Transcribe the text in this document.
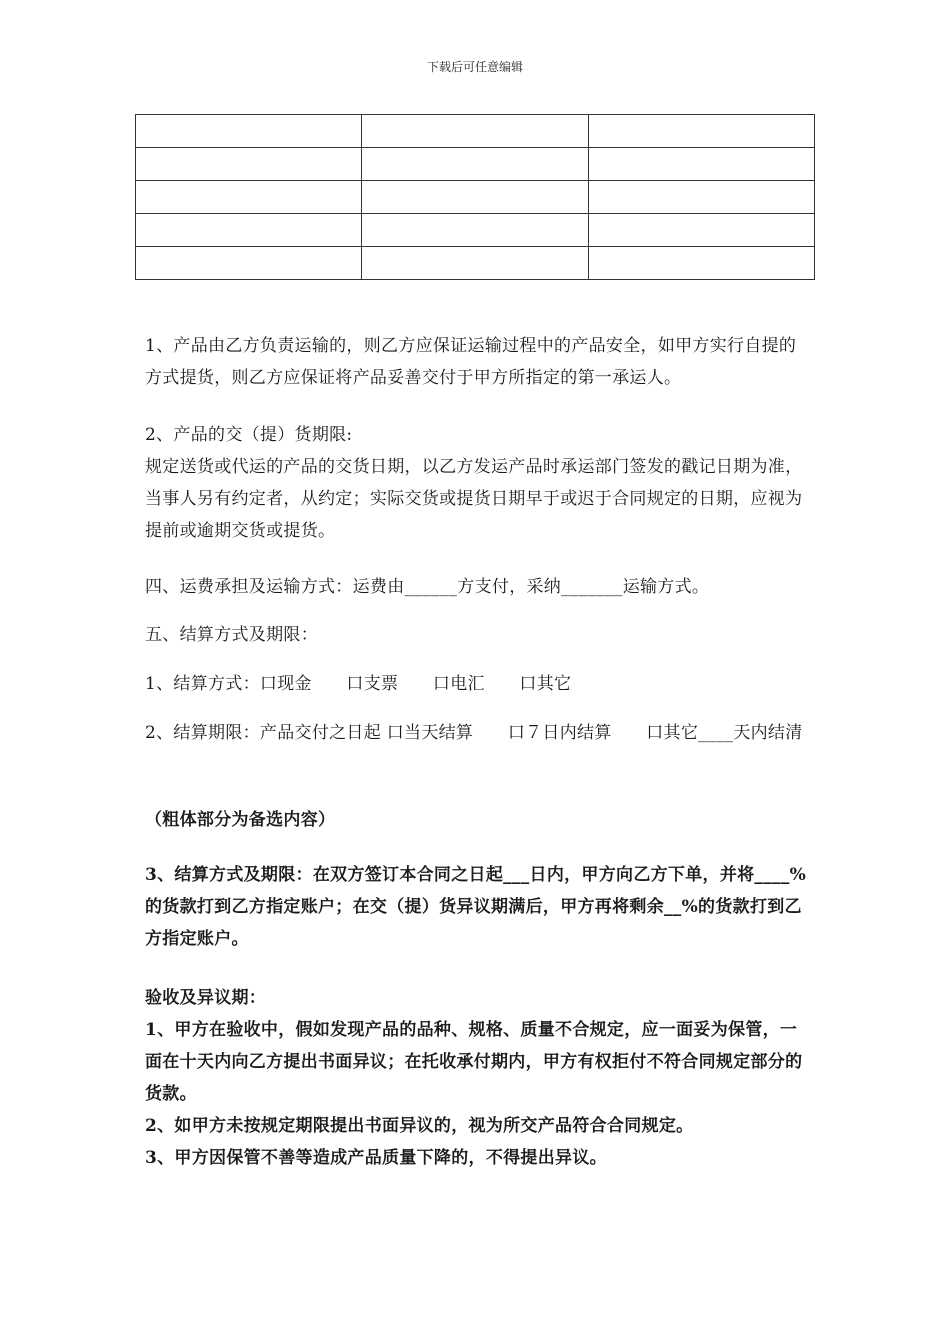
下载后可任意编辑

1、产品由乙方负责运输的，则乙方应保证运输过程中的产品安全，如甲方实行自提的方式提货，则乙方应保证将产品妥善交付于甲方所指定的第一承运人。

2、产品的交（提）货期限:

规定送货或代运的产品的交货日期，以乙方发运产品时承运部门签发的戳记日期为准，当事人另有约定者，从约定；实际交货或提货日期早于或迟于合同规定的日期，应视为提前或逾期交货或提货。

四、运费承担及运输方式：运费由______方支付，采纳_______运输方式。

五、结算方式及期限：

1、结算方式：口现金　　口支票　　口电汇　　口其它

2、结算期限：产品交付之日起 口当天结算　　口７日内结算　　口其它____天内结清

（粗体部分为备选内容）

3、结算方式及期限：在双方签订本合同之日起___日内，甲方向乙方下单，并将____%的货款打到乙方指定账户；在交（提）货异议期满后，甲方再将剩余__%的货款打到乙方指定账户。

验收及异议期：

1、甲方在验收中，假如发现产品的品种、规格、质量不合规定，应一面妥为保管，一面在十天内向乙方提出书面异议；在托收承付期内，甲方有权拒付不符合同规定部分的货款。

2、如甲方未按规定期限提出书面异议的，视为所交产品符合合同规定。

3、甲方因保管不善等造成产品质量下降的，不得提出异议。
